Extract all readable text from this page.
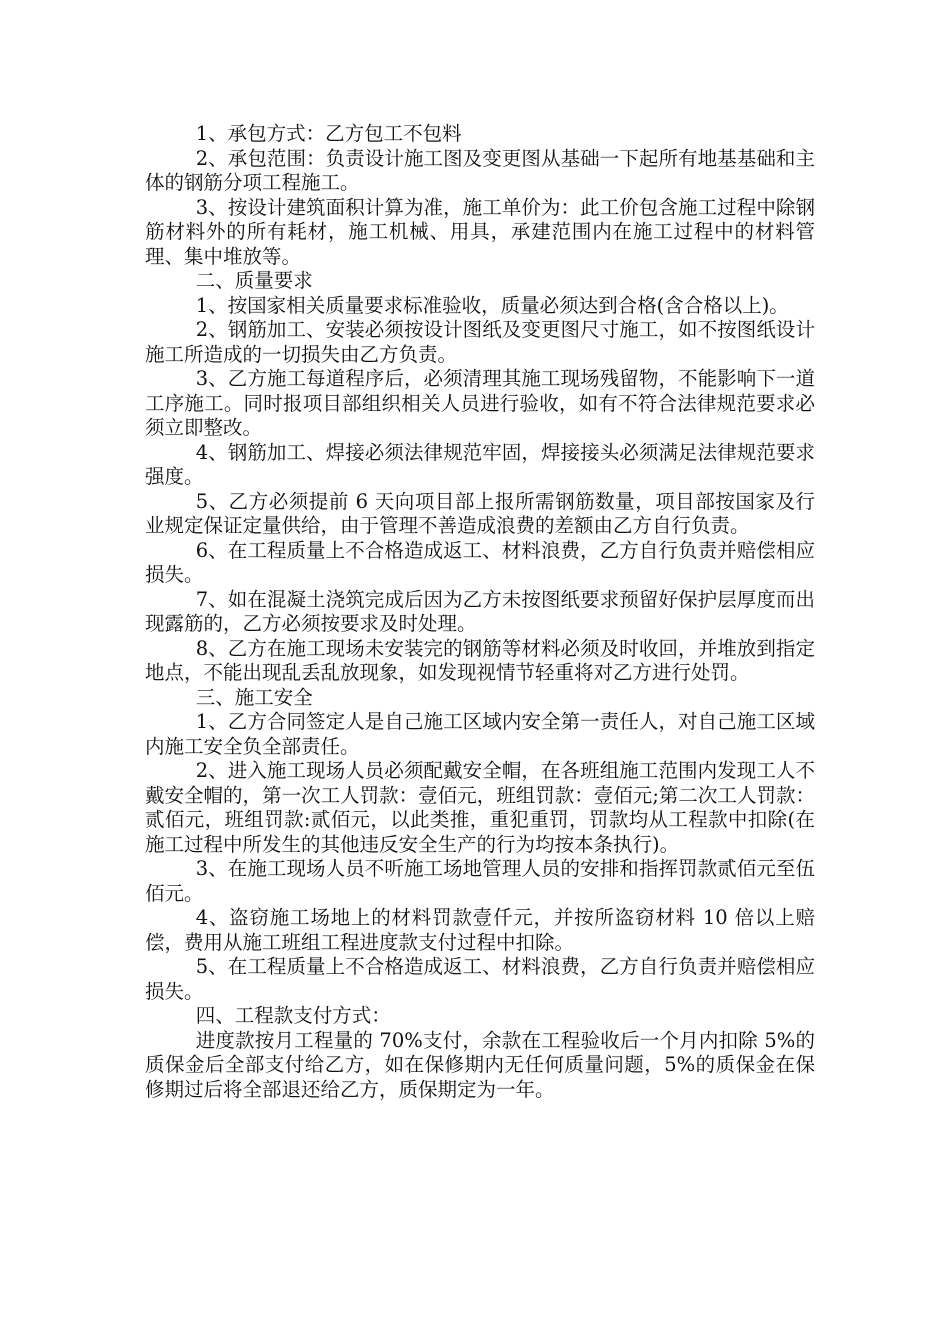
1、承包方式：乙方包工不包料

2、承包范围：负责设计施工图及变更图从基础一下起所有地基基础和主体的钢筋分项工程施工。

3、按设计建筑面积计算为准，施工单价为：此工价包含施工过程中除钢筋材料外的所有耗材，施工机械、用具，承建范围内在施工过程中的材料管理、集中堆放等。

二、质量要求

1、按国家相关质量要求标准验收，质量必须达到合格(含合格以上)。

2、钢筋加工、安装必须按设计图纸及变更图尺寸施工，如不按图纸设计施工所造成的一切损失由乙方负责。

3、乙方施工每道程序后，必须清理其施工现场残留物，不能影响下一道工序施工。同时报项目部组织相关人员进行验收，如有不符合法律规范要求必须立即整改。

4、钢筋加工、焊接必须法律规范牢固，焊接接头必须满足法律规范要求强度。

5、乙方必须提前 6 天向项目部上报所需钢筋数量，项目部按国家及行业规定保证定量供给，由于管理不善造成浪费的差额由乙方自行负责。

6、在工程质量上不合格造成返工、材料浪费，乙方自行负责并赔偿相应损失。

7、如在混凝土浇筑完成后因为乙方未按图纸要求预留好保护层厚度而出现露筋的，乙方必须按要求及时处理。

8、乙方在施工现场未安装完的钢筋等材料必须及时收回，并堆放到指定地点，不能出现乱丢乱放现象，如发现视情节轻重将对乙方进行处罚。

三、施工安全

1、乙方合同签定人是自己施工区域内安全第一责任人，对自己施工区域内施工安全负全部责任。

2、进入施工现场人员必须配戴安全帽，在各班组施工范围内发现工人不戴安全帽的，第一次工人罚款：壹佰元，班组罚款：壹佰元;第二次工人罚款：贰佰元，班组罚款:贰佰元，以此类推，重犯重罚，罚款均从工程款中扣除(在施工过程中所发生的其他违反安全生产的行为均按本条执行)。

3、在施工现场人员不听施工场地管理人员的安排和指挥罚款贰佰元至伍佰元。

4、盗窃施工场地上的材料罚款壹仟元，并按所盗窃材料 10 倍以上赔偿，费用从施工班组工程进度款支付过程中扣除。

5、在工程质量上不合格造成返工、材料浪费，乙方自行负责并赔偿相应损失。

四、工程款支付方式：

进度款按月工程量的 70%支付，余款在工程验收后一个月内扣除 5%的质保金后全部支付给乙方，如在保修期内无任何质量问题，5%的质保金在保修期过后将全部退还给乙方，质保期定为一年。
